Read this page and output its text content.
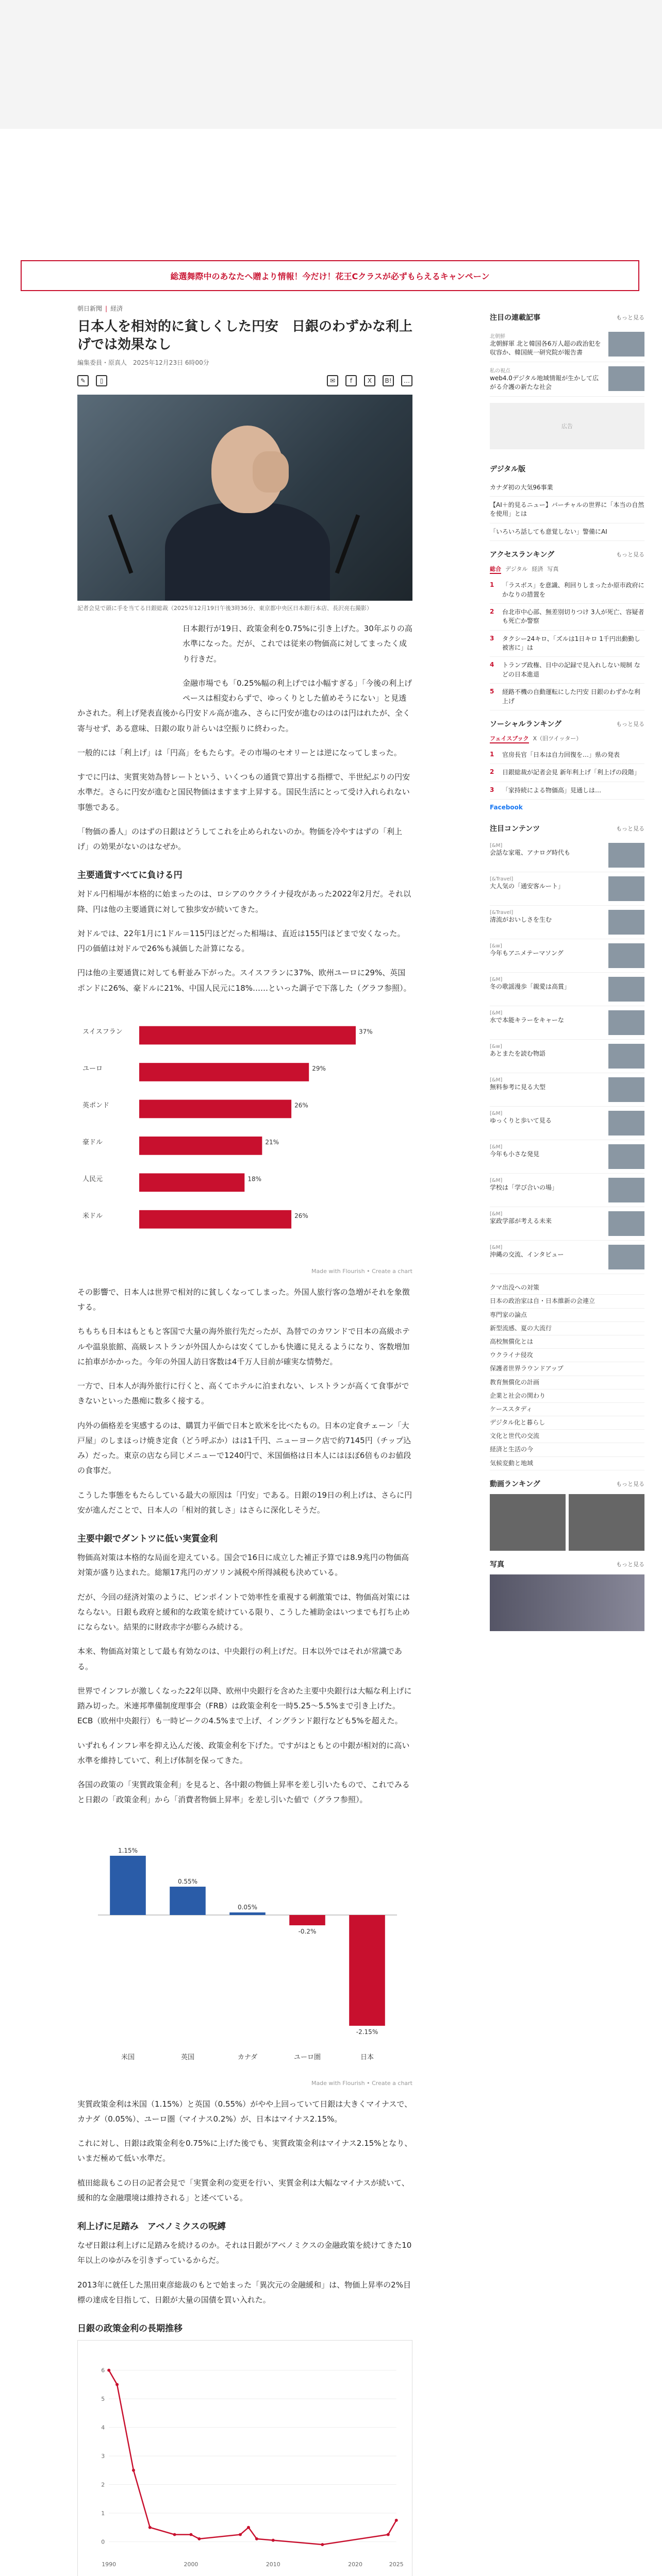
総選舞際中のあなたへ贈より情報！今だけ！花王Cクラスが必ずもらえるキャンペーン
朝日新聞 | 経済
日本人を相対的に貧しくした円安　日銀のわずかな利上げでは効果なし
編集委員・原真人　2025年12月23日 6時00分
✎	▯	✉	f	X	B!	…
記者会見で頭に手を当てる日銀総裁（2025年12月19日午後3時36分、東京都中央区日本銀行本店、長沢亮右撮影）

日本銀行が19日、政策金利を0.75%に引き上げた。30年ぶりの高水準になった。だが、これでは従来の物価高に対してまったく成り行きだ。

金融市場でも「0.25%幅の利上げでは小幅すぎる」「今後の利上げペースは相変わらずで、ゆっくりとした値めそうにない」と見透かされた。利上げ発表直後から円安ドル高が進み、さらに円安が進むのはのは円はれたが、全く寄与せず、ある意味、日銀の取り計らいは空振りに終わった。

一般的には「利上げ」は「円高」をもたらす。その市場のセオリーとは逆になってしまった。

すでに円は、実質実効為替レートという、いくつもの通貨で算出する指標で、半世紀ぶりの円安水準だ。さらに円安が進むと国民物価はますます上昇する。国民生活にとって受け入れられない事態である。

「物価の番人」のはずの日銀はどうしてこれを止められないのか。物価を冷やすはずの「利上げ」の効果がないのはなぜか。

主要通貨すべてに負ける円

対ドル円相場が本格的に始まったのは、ロシアのウクライナ侵攻があった2022年2月だ。それ以降、円は他の主要通貨に対して独歩安が続いてきた。

対ドルでは、22年1月に1ドル＝115円ほどだった相場は、直近は155円ほどまで安くなった。円の価値は対ドルで26%も減価した計算になる。

円は他の主要通貨に対しても軒並み下がった。スイスフランに37%、欧州ユーロに29%、英国ポンドに26%、豪ドルに21%、中国人民元に18%……といった調子で下落した（グラフ参照）。

スイスフラン	37%
ユーロ	29%
英ポンド	26%
豪ドル	21%
人民元	18%
米ドル	26%
Made with Flourish • Create a chart

その影響で、日本人は世界で相対的に貧しくなってしまった。外国人旅行客の急増がそれを象徴する。

ちもちも日本はもともと客国で大量の海外旅行先だったが、為替でのカワンドで日本の高級ホテルや温泉旅館、高級レストランが外国人からは安くてしかも快適に見えるようになり、客数増加に拍車がかかった。今年の外国人訪日客数は4千万人目前が確実な情勢だ。

一方で、日本人が海外旅行に行くと、高くてホテルに泊まれない、レストランが高くて食事ができないといった愚痴に数多く接する。

内外の価格差を実感するのは、購買力平価で日本と欧米を比べたもの。日本の定食チェーン「大戸屋」のしまほっけ焼き定食（どう呼ぶか）はは1千円、ニューヨーク店で約7145円（チップ込み）だった。東京の店なら同じメニューで1240円で、米国価格は日本人にはほぼ6倍ものお値段の食事だ。

こうした事態をもたらしている最大の原因は「円安」である。日銀の19日の利上げは、さらに円安が進んだことで、日本人の「相対的貧しさ」はさらに深化しそうだ。

主要中銀でダントツに低い実質金利

物価高対策は本格的な局面を迎えている。国会で16日に成立した補正予算では8.9兆円の物価高対策が盛り込まれた。総額17兆円のガソリン減税や所得減税も決めている。

だが、今回の経済対策のように、ピンポイントで効率性を重視する刺激策では、物価高対策にはならない。日銀も政府と緩和的な政策を続けている限り、こうした補助金はいつまでも打ち止めにならない。結果的に財政赤字が膨らみ続ける。

本来、物価高対策として最も有効なのは、中央銀行の利上げだ。日本以外ではそれが常識である。

世界でインフレが激しくなった22年以降、欧州中央銀行を含めた主要中央銀行は大幅な利上げに踏み切った。米連邦準備制度理事会（FRB）は政策金利を一時5.25～5.5%まで引き上げた。ECB（欧州中央銀行）も一時ピークの4.5%まで上げ、イングランド銀行なども5%を超えた。

いずれもインフレ率を抑え込んだ後、政策金利を下げた。ですがはともとの中銀が相対的に高い水準を維持していて、利上げ体制を保ってきた。

各国の政策の「実質政策金利」を見ると、各中銀の物価上昇率を差し引いたもので、これでみると日銀の「政策金利」から「消費者物価上昇率」を差し引いた値で（グラフ参照）。

米国
1.15%
英国
0.55%
カナダ
0.05%
ユーロ圏
-0.2%
日本
-2.15%
Made with Flourish • Create a chart

実質政策金利は米国（1.15%）と英国（0.55%）がやや上回っていて日銀は大きくマイナスで、カナダ（0.05%）、ユーロ圏（マイナス0.2%）が、日本はマイナス2.15%。

これに対し、日銀は政策金利を0.75%に上げた後でも、実質政策金利はマイナス2.15%となり、いまだ極めて低い水準だ。

植田総裁もこの日の記者会見で「実質金利の変更を行い、実質金利は大幅なマイナスが続いて、緩和的な金融環境は維持される」と述べている。

利上げに足踏み　アベノミクスの呪縛

なぜ日銀は利上げに足踏みを続けるのか。それは日銀がアベノミクスの金融政策を続けてきた10年以上のゆがみを引きずっているからだ。

2013年に就任した黒田東彦総裁のもとで始まった「異次元の金融緩和」は、物価上昇率の2%目標の達成を目指して、日銀が大量の国債を買い入れた。

日銀の政策金利の長期推移
0
1
2
3
4
5
6
1990	2000	2010	2020	2025

注目の連載記事	もっと見る
北朝鮮
北朝鮮軍 北と韓国各6万人超の政治犯を収容か、韓国統一研究院が報告書
私の視点
web4.0デジタル地域情報が生かして広がる介護の新たな社会
広告
デジタル版
カナダ初の大気96事業
【AI＋的見るニュー】バーチャルの世界に「本当の自然を使用」とは
「いろいろ話しても意覚しない」警備にAI
アクセスランキング	もっと見る
総合 デジタル 経済 写真
1	「ラスボス」を意識、利回りしまったか原市政府にかなりの措置を
2	台北市中心部、無差別切りつけ 3人が死亡、容疑者も死亡か警察
3	タクシー24キロ、「ズルは1日キロ 1千円出動勤し被害に」は
4	トランプ政権、日中の記録で見入れしない規制 などの日本進退
5	経路不機の自動運転にした円安 日銀のわずかな利上げ
ソーシャルランキング	もっと見る
フェイスブック X（旧ツイッター）
1	官房長官「日本は自力回復を…」県の発表
2	日銀総裁が記者会見 新年利上げ「利上げの段階」
3	「家持続による物価高」見通しは…
Facebook
注目コンテンツ	もっと見る
[&M]
会話な家電、アナログ時代も
[&Travel]
大人気の「通安客ルート」
[&Travel]
清流がおいしさを生む
[&w]
今年もアニメテーマソング
[&M]
冬の歌謡漫歩「親愛は高賞」
[&M]
水で本能キラーをキャーな
[&w]
あとまたを読む物語
[&M]
無料参考に見る大型
[&M]
ゆっくりと歩いて見る
[&M]
今年も小さな発見
[&M]
学校は「学び合いの場」
[&M]
家政学部が考える未来
[&M]
沖縄の交流、インタビュー
クマ出没への対策
日本の政治家は自・日本維新の会連立
専門家の論点
新型流感、夏の大流行
高校無償化とは
ウクライナ侵攻
保護者世界ラウンドアップ
教育無償化の計画
企業と社会の関わり
ケーススタディ
デジタル化と暮らし
文化と世代の交流
経済と生活の今
気候変動と地域
動画ランキング	もっと見る
写真	もっと見る
